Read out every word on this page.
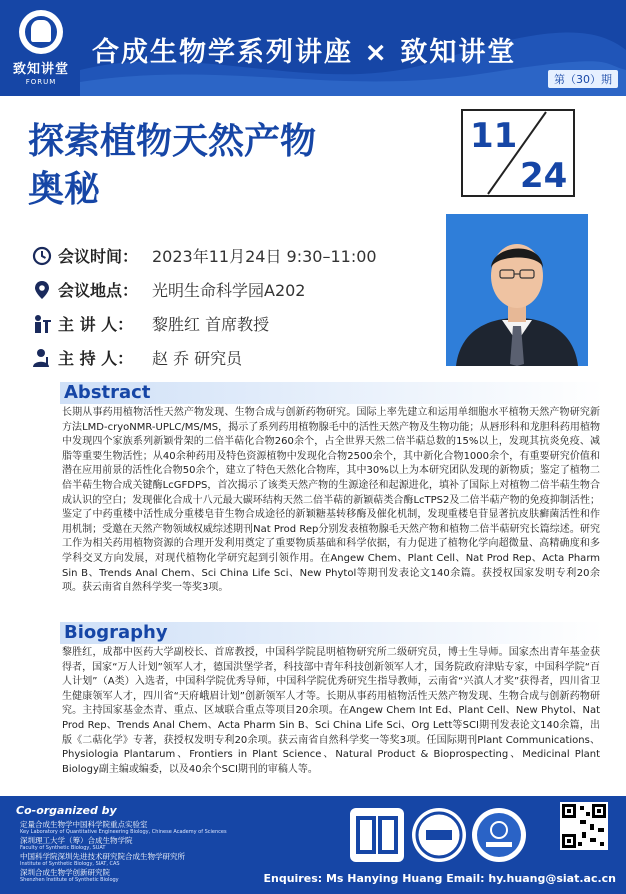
致知讲堂
FORUM
合成生物学系列讲座 × 致知讲堂
第（30）期
探索植物天然产物
奥秘
11
24
会议时间： 2023年11月24日 9:30–11:00
会议地点： 光明生命科学园A202
主 讲 人： 黎胜红 首席教授
主 持 人： 赵 乔 研究员
Abstract
长期从事药用植物活性天然产物发现、生物合成与创新药物研究。国际上率先建立和运用单细胞水平植物天然产物研究新方法LMD-cryoNMR-UPLC/MS/MS，揭示了系列药用植物腺毛中的活性天然产物及生物功能；从唇形科和龙胆科药用植物中发现四个家族系列新颖骨架的二倍半萜化合物260余个，占全世界天然二倍半萜总数的15%以上，发现其抗炎免疫、减脂等重要生物活性；从40余种药用及特色资源植物中发现化合物2500余个，其中新化合物1000余个，有重要研究价值和潜在应用前景的活性化合物50余个，建立了特色天然化合物库，其中30%以上为本研究团队发现的新物质；鉴定了植物二倍半萜生物合成关键酶LcGFDPS，首次揭示了该类天然产物的生源途径和起源进化，填补了国际上对植物二倍半萜生物合成认识的空白；发现催化合成十八元最大碳环结构天然二倍半萜的新颖萜类合酶LcTPS2及二倍半萜产物的免疫抑制活性；鉴定了中药重楼中活性成分重楼皂苷生物合成途径的新颖糖基转移酶及催化机制，发现重楼皂苷显著抗皮肤癣菌活性和作用机制；受邀在天然产物领域权威综述期刊Nat Prod Rep分别发表植物腺毛天然产物和植物二倍半萜研究长篇综述。研究工作为相关药用植物资源的合理开发利用奠定了重要物质基础和科学依据，有力促进了植物化学向超微量、高精确度和多学科交叉方向发展，对现代植物化学研究起到引领作用。在Angew Chem、Plant Cell、Nat Prod Rep、Acta Pharm Sin B、Trends Anal Chem、Sci China Life Sci、New Phytol等期刊发表论文140余篇。获授权国家发明专利20余项。获云南省自然科学奖一等奖3项。
Biography
黎胜红，成都中医药大学副校长、首席教授，中国科学院昆明植物研究所二级研究员，博士生导师。国家杰出青年基金获得者，国家“万人计划”领军人才，德国洪堡学者，科技部中青年科技创新领军人才，国务院政府津贴专家，中国科学院“百人计划”（A类）入选者，中国科学院优秀导师，中国科学院优秀研究生指导教师，云南省“兴滇人才奖”获得者，四川省卫生健康领军人才，四川省“天府峨眉计划”创新领军人才等。长期从事药用植物活性天然产物发现、生物合成与创新药物研究。主持国家基金杰青、重点、区域联合重点等项目20余项。在Angew Chem Int Ed、Plant Cell、New Phytol、Nat Prod Rep、Trends Anal Chem、Acta Pharm Sin B、Sci China Life Sci、Org Lett等SCI期刊发表论文140余篇，出版《二萜化学》专著，获授权发明专利20余项。获云南省自然科学奖一等奖3项。任国际期刊Plant Communications、Physiologia Plantarum、Frontiers in Plant Science、Natural Product & Bioprospecting、Medicinal Plant Biology副主编或编委，以及40余个SCI期刊的审稿人等。
Co-organized by
定量合成生物学中国科学院重点实验室
Key Laboratory of Quantitative Engineering Biology, Chinese Academy of Sciences
深圳理工大学（筹）合成生物学院
Faculty of Synthetic Biology, SUAT
中国科学院深圳先进技术研究院合成生物学研究所
Institute of Synthetic Biology, SIAT, CAS
深圳合成生物学创新研究院
Shenzhen Institute of Synthetic Biology	Enquires: Ms Hanying Huang Email: hy.huang@siat.ac.cn
